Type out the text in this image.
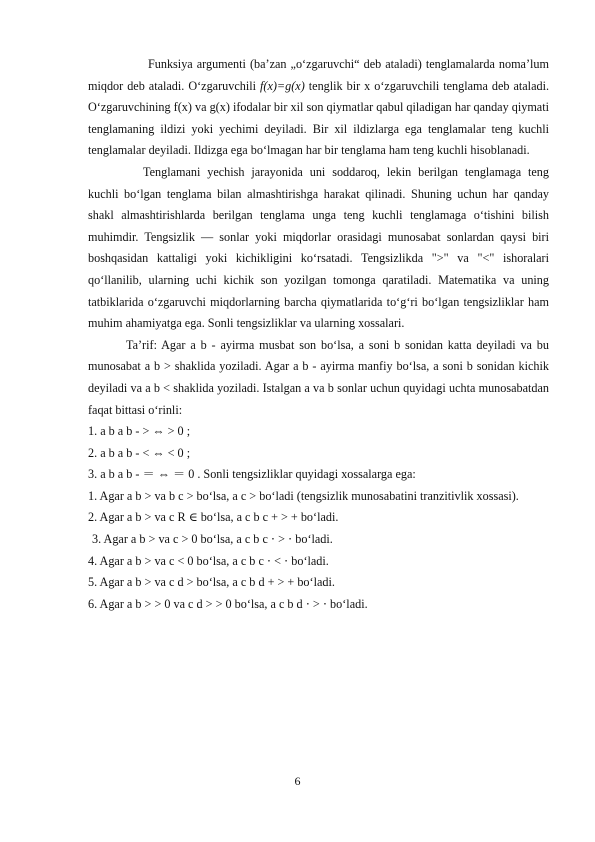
Funksiya argumenti (ba’zan „o‘zgaruvchi“ deb ataladi) tenglamalarda noma’lum miqdor deb ataladi. O‘zgaruvchili f(x)=g(x) tenglik bir x o‘zgaruvchili tenglama deb ataladi. O‘zgaruvchining f(x) va g(x) ifodalar bir xil son qiymatlar qabul qiladigan har qanday qiymati tenglamaning ildizi yoki yechimi deyiladi. Bir xil ildizlarga ega tenglamalar teng kuchli tenglamalar deyiladi. Ildizga ega bo‘lmagan har bir tenglama ham teng kuchli hisoblanadi.

Tenglamani yechish jarayonida uni soddaroq, lekin berilgan tenglamaga teng kuchli bo‘lgan tenglama bilan almashtirishga harakat qilinadi. Shuning uchun har qanday shakl almashtirishlarda berilgan tenglama unga teng kuchli tenglamaga o‘tishini bilish muhimdir. Tengsizlik — sonlar yoki miqdorlar orasidagi munosabat sonlardan qaysi biri boshqasidan kattaligi yoki kichikligini ko‘rsatadi. Tengsizlikda ">" va "<" ishoralari qo‘llanilib, ularning uchi kichik son yozilgan tomonga qaratiladi. Matematika va uning tatbiklarida o‘zgaruvchi miqdorlarning barcha qiymatlarida to‘g‘ri bo‘lgan tengsizliklar ham muhim ahamiyatga ega. Sonli tengsizliklar va ularning xossalari.

Ta’rif: Agar a b - ayirma musbat son bo‘lsa, a soni b sonidan katta deyiladi va bu munosabat a b > shaklida yoziladi. Agar a b - ayirma manfiy bo‘lsa, a soni b sonidan kichik deyiladi va a b < shaklida yoziladi. Istalgan a va b sonlar uchun quyidagi uchta munosabatdan faqat bittasi o‘rinli:

1. a b a b - > ⇔ > 0 ;

2. a b a b - < ⇔ < 0 ;

3. a b a b - ＝ ⇔ ＝ 0 . Sonli tengsizliklar quyidagi xossalarga ega:

1. Agar a b > va b c > bo‘lsa, a c > bo‘ladi (tengsizlik munosabatini tranzitivlik xossasi).

2. Agar a b > va c R ∈ bo‘lsa, a c b c + > + bo‘ladi.

3. Agar a b > va c > 0 bo‘lsa, a c b c ⋅ > ⋅ bo‘ladi.

4. Agar a b > va c < 0 bo‘lsa, a c b c ⋅ < ⋅ bo‘ladi.

5. Agar a b > va c d > bo‘lsa, a c b d + > + bo‘ladi.

6. Agar a b > > 0 va c d > > 0 bo‘lsa, a c b d ⋅ > ⋅ bo‘ladi.

6
